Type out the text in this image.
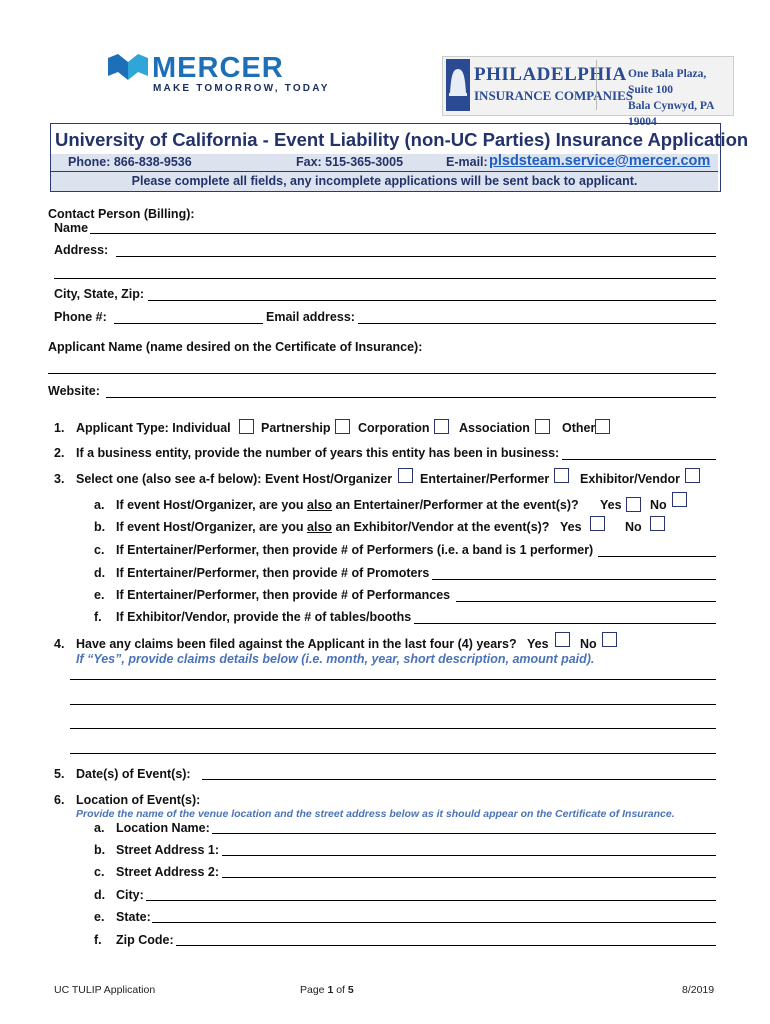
MERCER
MAKE TOMORROW, TODAY
PHILADELPHIA
INSURANCE COMPANIES
One Bala Plaza, Suite 100
Bala Cynwyd, PA 19004
University of California - Event Liability (non-UC Parties) Insurance Application
Phone: 866-838-9536	Fax: 515-365-3005	E-mail: plsdsteam.service@mercer.com
Please complete all fields, any incomplete applications will be sent back to applicant.
Contact Person (Billing):
Name
Address:
City, State, Zip:
Phone #:	Email address:
Applicant Name (name desired on the Certificate of Insurance):
Website:
1. Applicant Type: Individual Partnership Corporation Association	Other
2. If a business entity, provide the number of years this entity has been in business:
3. Select one (also see a-f below): Event Host/Organizer Entertainer/Performer Exhibitor/Vendor
a. If event Host/Organizer, are you also an Entertainer/Performer at the event(s)? Yes No
b. If event Host/Organizer, are you also an Exhibitor/Vendor at the event(s)? Yes	No
c. If Entertainer/Performer, then provide # of Performers (i.e. a band is 1 performer)
d. If Entertainer/Performer, then provide # of Promoters
e. If Entertainer/Performer, then provide # of Performances
f. If Exhibitor/Vendor, provide the # of tables/booths
4. Have any claims been filed against the Applicant in the last four (4) years? Yes	No
If “Yes”, provide claims details below (i.e. month, year, short description, amount paid).
5. Date(s) of Event(s):
6. Location of Event(s):
Provide the name of the venue location and the street address below as it should appear on the Certificate of Insurance.
a. Location Name:
b. Street Address 1:
c. Street Address 2:
d. City:
e. State:
f. Zip Code:
UC TULIP Application	Page 1 of 5	8/2019
